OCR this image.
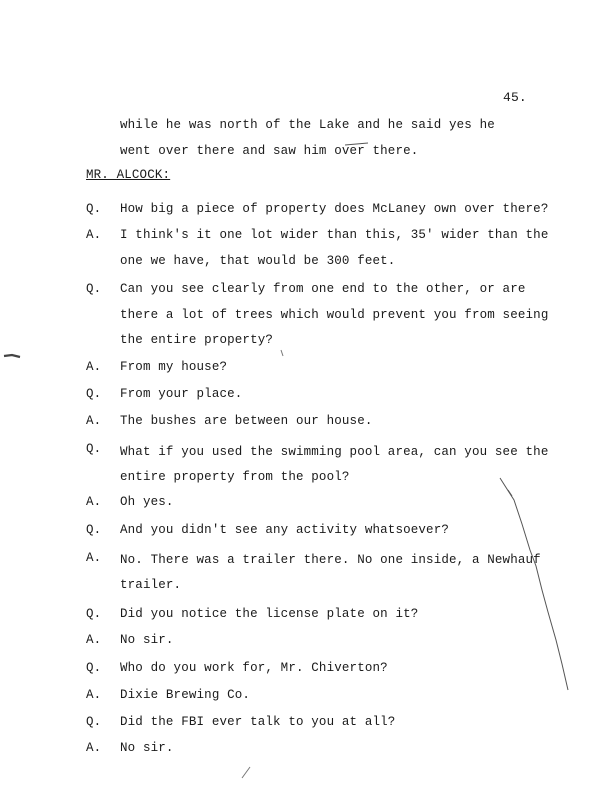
45.
while he was north of the Lake and he said yes he
went over there and saw him over there.
MR. ALCOCK:
Q. How big a piece of property does McLaney own over there?
A. I think's it one lot wider than this, 35' wider than the
one we have, that would be 300 feet.
Q. Can you see clearly from one end to the other, or are
there a lot of trees which would prevent you from seeing
the entire property?
A. From my house?
Q. From your place.
A. The bushes are between our house.
Q. What if you used the swimming pool area, can you see the
entire property from the pool?
A. Oh yes.
Q. And you didn't see any activity whatsoever?
A. No. There was a trailer there. No one inside, a Newhauf
trailer.
Q. Did you notice the license plate on it?
A. No sir.
Q. Who do you work for, Mr. Chiverton?
A. Dixie Brewing Co.
Q. Did the FBI ever talk to you at all?
A. No sir.
